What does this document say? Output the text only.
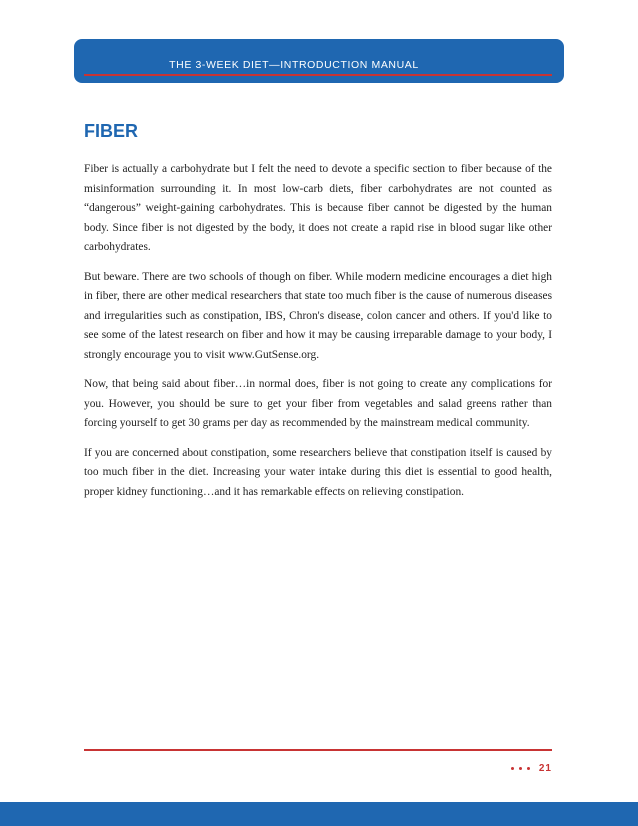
THE 3-WEEK DIET—INTRODUCTION MANUAL
FIBER

Fiber is actually a carbohydrate but I felt the need to devote a specific section to fiber because of the misinformation surrounding it. In most low-carb diets, fiber carbohydrates are not counted as “dangerous” weight-gaining carbohydrates. This is because fiber cannot be digested by the human body. Since fiber is not digested by the body, it does not create a rapid rise in blood sugar like other carbohydrates.

But beware. There are two schools of though on fiber. While modern medicine encourages a diet high in fiber, there are other medical researchers that state too much fiber is the cause of numerous diseases and irregularities such as constipation, IBS, Chron's disease, colon cancer and others. If you'd like to see some of the latest research on fiber and how it may be causing irreparable damage to your body, I strongly encourage you to visit www.GutSense.org.

Now, that being said about fiber…in normal does, fiber is not going to create any complications for you. However, you should be sure to get your fiber from vegetables and salad greens rather than forcing yourself to get 30 grams per day as recommended by the mainstream medical community.

If you are concerned about constipation, some researchers believe that constipation itself is caused by too much fiber in the diet. Increasing your water intake during this diet is essential to good health, proper kidney functioning…and it has remarkable effects on relieving constipation.

21
